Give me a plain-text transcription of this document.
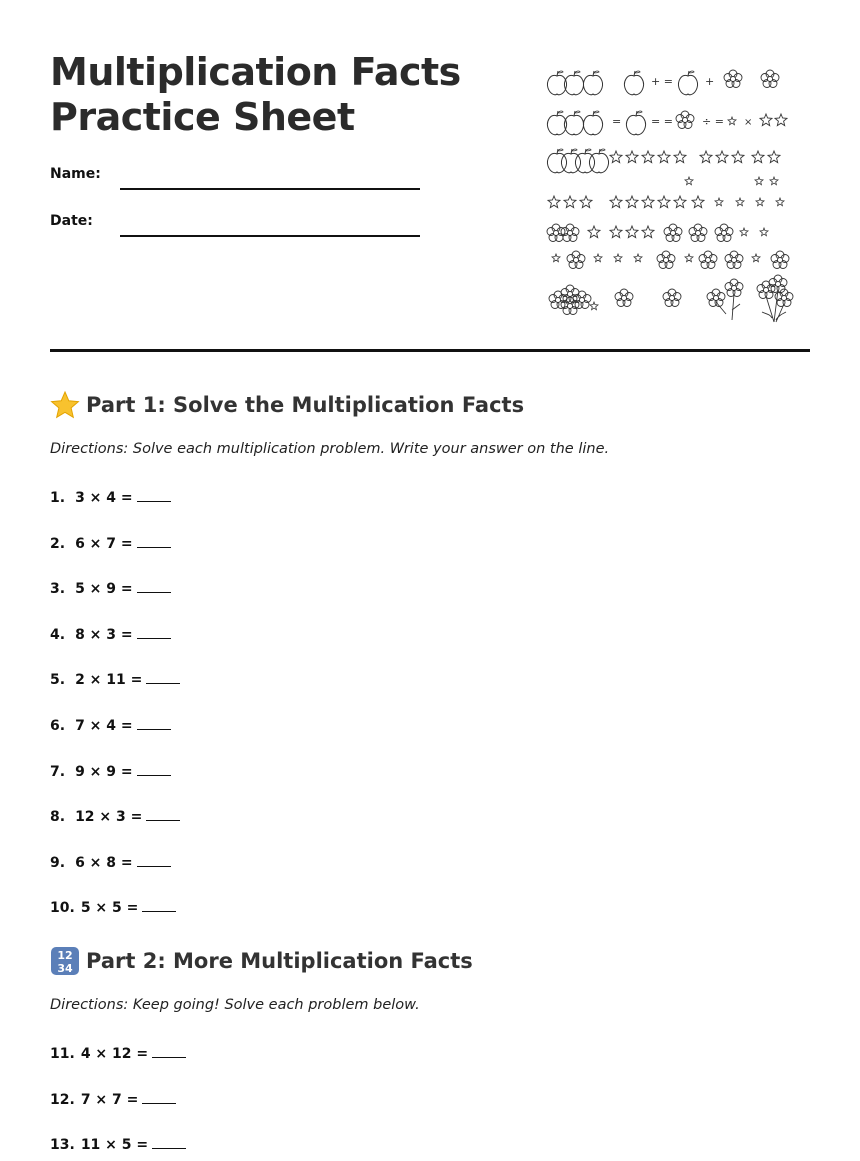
Multiplication Facts
Practice Sheet
Name:
Date:
+ =	+
=	= =	÷ = ×
Part 1: Solve the Multiplication Facts
Directions: Solve each multiplication problem. Write your answer on the line.
1. 3 × 4 =
2. 6 × 7 =
3. 5 × 9 =
4. 8 × 3 =
5. 2 × 11 =
6. 7 × 4 =
7. 9 × 9 =
8. 12 × 3 =
9. 6 × 8 =
10. 5 × 5 =
12
34 Part 2: More Multiplication Facts
Directions: Keep going! Solve each problem below.
11. 4 × 12 =
12. 7 × 7 =
13. 11 × 5 =
